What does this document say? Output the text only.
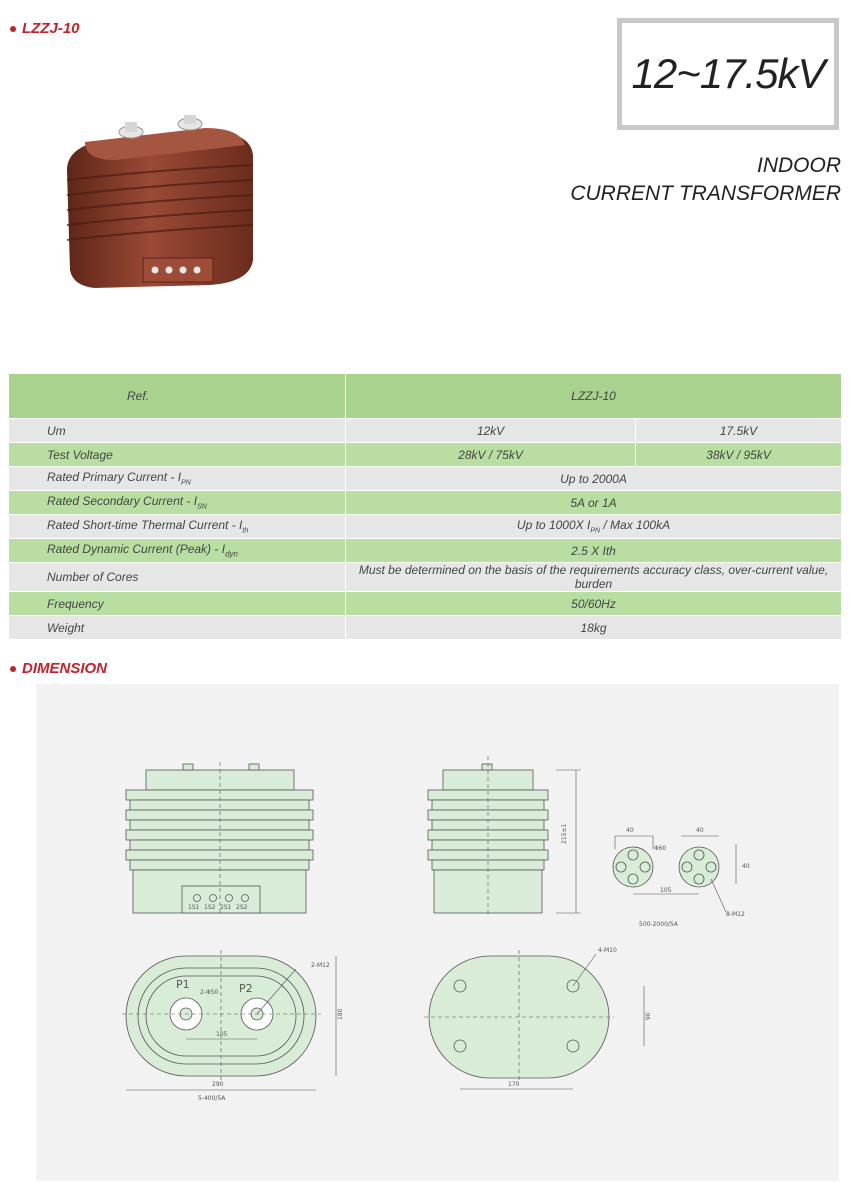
LZZJ-10
12~17.5kV
INDOOR
CURRENT TRANSFORMER
Ref.	LZZJ-10	
Um	12kV	17.5kV
Test Voltage	28kV / 75kV	38kV / 95kV
Rated Primary Current - $I_{PN}$	Up to 2000A	
Rated Secondary Current - $I_{SN}$	5A or 1A	
Rated Short-time Thermal Current - $I_{th}$	Up to 1000X $I_{PN}$ / Max 100kA	
Rated Dynamic Current (Peak) - $I_{dyn}$	2.5 X Ith	
Number of Cores	Must be determined on the basis of the requirements accuracy class, over-current value, burden	
Frequency	50/60Hz	
Weight	18kg	
DIMENSION
1S1 1S2 2S1 2S2
215±1	40	40
40
Φ60
105
8-M12
500-2000/5A
2-Φ50
2-M12
105
180
290
5-400/5A
4-M10
90
170
P1	P2
